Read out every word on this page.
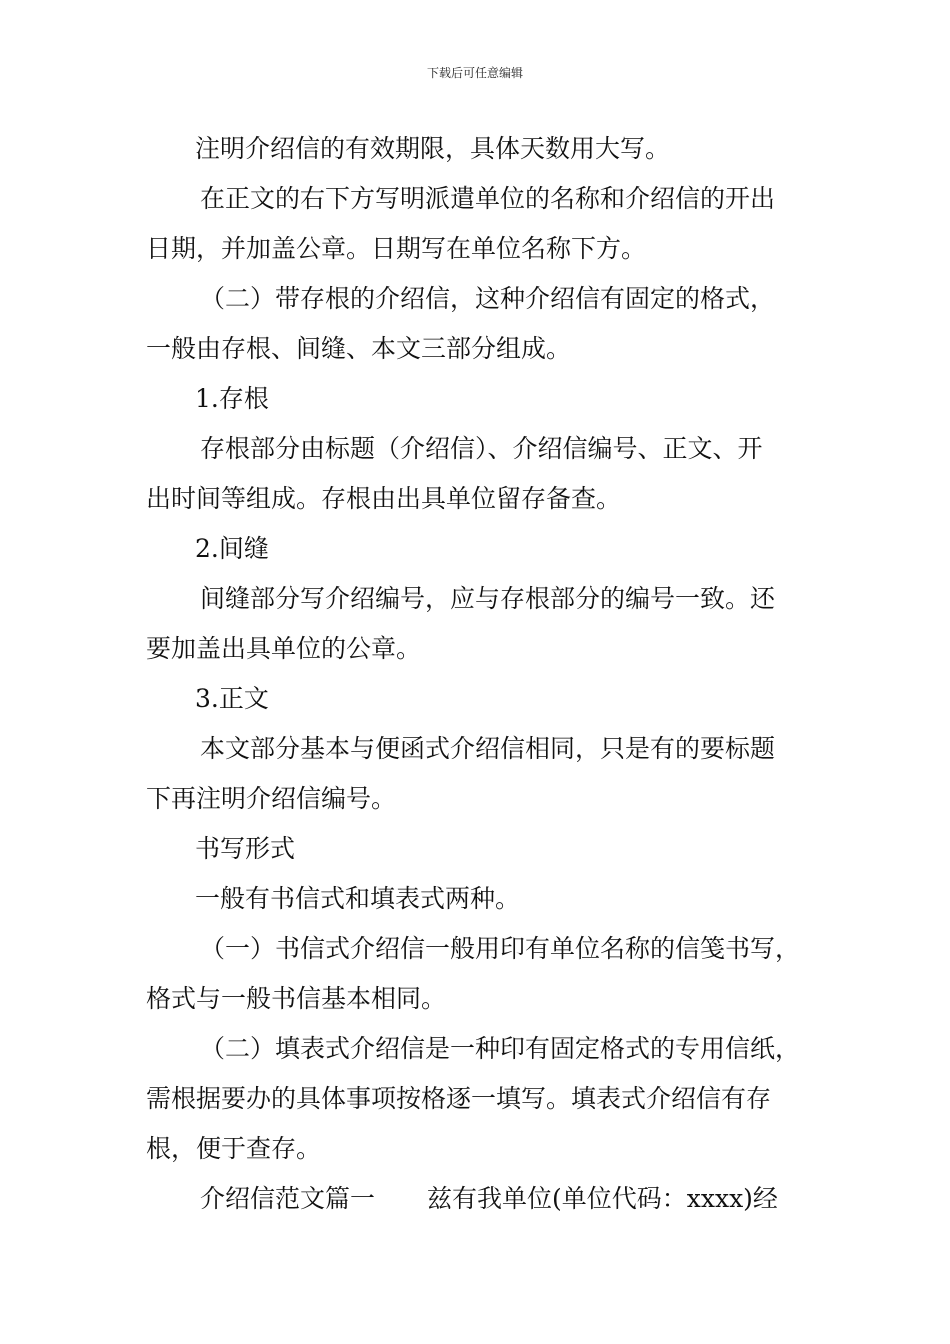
下载后可任意编辑
注明介绍信的有效期限，具体天数用大写。
在正文的右下方写明派遣单位的名称和介绍信的开出
日期，并加盖公章。日期写在单位名称下方。
（二）带存根的介绍信，这种介绍信有固定的格式，
一般由存根、间缝、本文三部分组成。
1.存根
存根部分由标题（介绍信）、介绍信编号、正文、开
出时间等组成。存根由出具单位留存备查。
2.间缝
间缝部分写介绍编号，应与存根部分的编号一致。还
要加盖出具单位的公章。
3.正文
本文部分基本与便函式介绍信相同，只是有的要标题
下再注明介绍信编号。
书写形式
一般有书信式和填表式两种。
（一）书信式介绍信一般用印有单位名称的信笺书写，
格式与一般书信基本相同。
（二）填表式介绍信是一种印有固定格式的专用信纸，
需根据要办的具体事项按格逐一填写。填表式介绍信有存
根，便于查存。
介绍信范文篇一 兹有我单位(单位代码：xxxx)经
